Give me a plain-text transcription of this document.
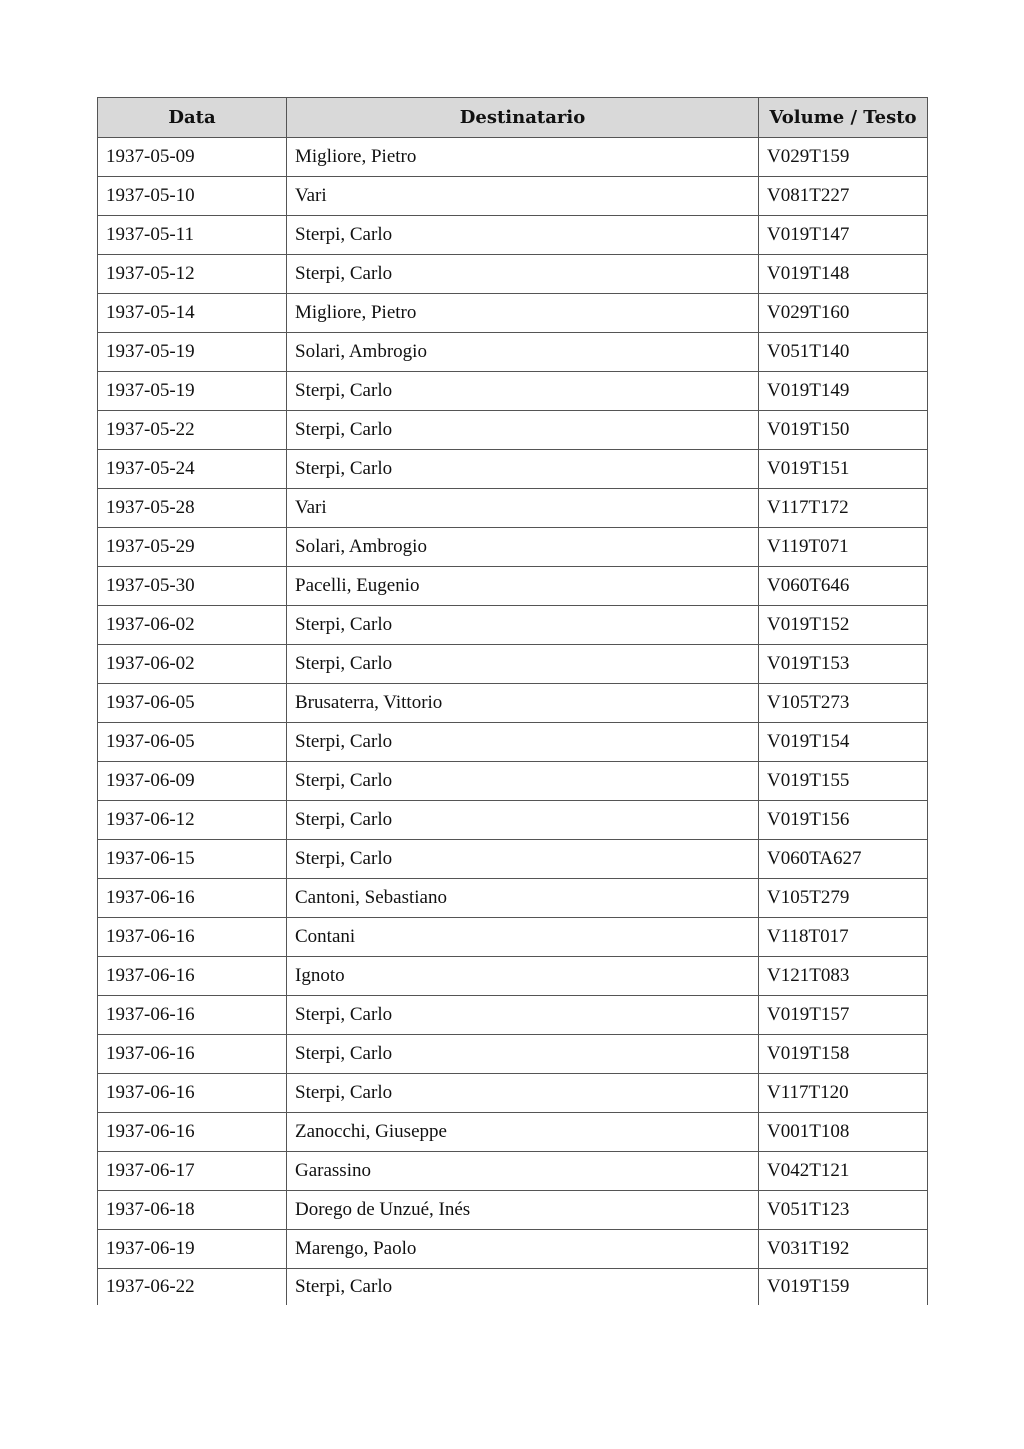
Data	Destinatario	Volume / Testo
1937-05-09	Migliore, Pietro	V029T159
1937-05-10	Vari	V081T227
1937-05-11	Sterpi, Carlo	V019T147
1937-05-12	Sterpi, Carlo	V019T148
1937-05-14	Migliore, Pietro	V029T160
1937-05-19	Solari, Ambrogio	V051T140
1937-05-19	Sterpi, Carlo	V019T149
1937-05-22	Sterpi, Carlo	V019T150
1937-05-24	Sterpi, Carlo	V019T151
1937-05-28	Vari	V117T172
1937-05-29	Solari, Ambrogio	V119T071
1937-05-30	Pacelli, Eugenio	V060T646
1937-06-02	Sterpi, Carlo	V019T152
1937-06-02	Sterpi, Carlo	V019T153
1937-06-05	Brusaterra, Vittorio	V105T273
1937-06-05	Sterpi, Carlo	V019T154
1937-06-09	Sterpi, Carlo	V019T155
1937-06-12	Sterpi, Carlo	V019T156
1937-06-15	Sterpi, Carlo	V060TA627
1937-06-16	Cantoni, Sebastiano	V105T279
1937-06-16	Contani	V118T017
1937-06-16	Ignoto	V121T083
1937-06-16	Sterpi, Carlo	V019T157
1937-06-16	Sterpi, Carlo	V019T158
1937-06-16	Sterpi, Carlo	V117T120
1937-06-16	Zanocchi, Giuseppe	V001T108
1937-06-17	Garassino	V042T121
1937-06-18	Dorego de Unzué, Inés	V051T123
1937-06-19	Marengo, Paolo	V031T192
1937-06-22	Sterpi, Carlo	V019T159
